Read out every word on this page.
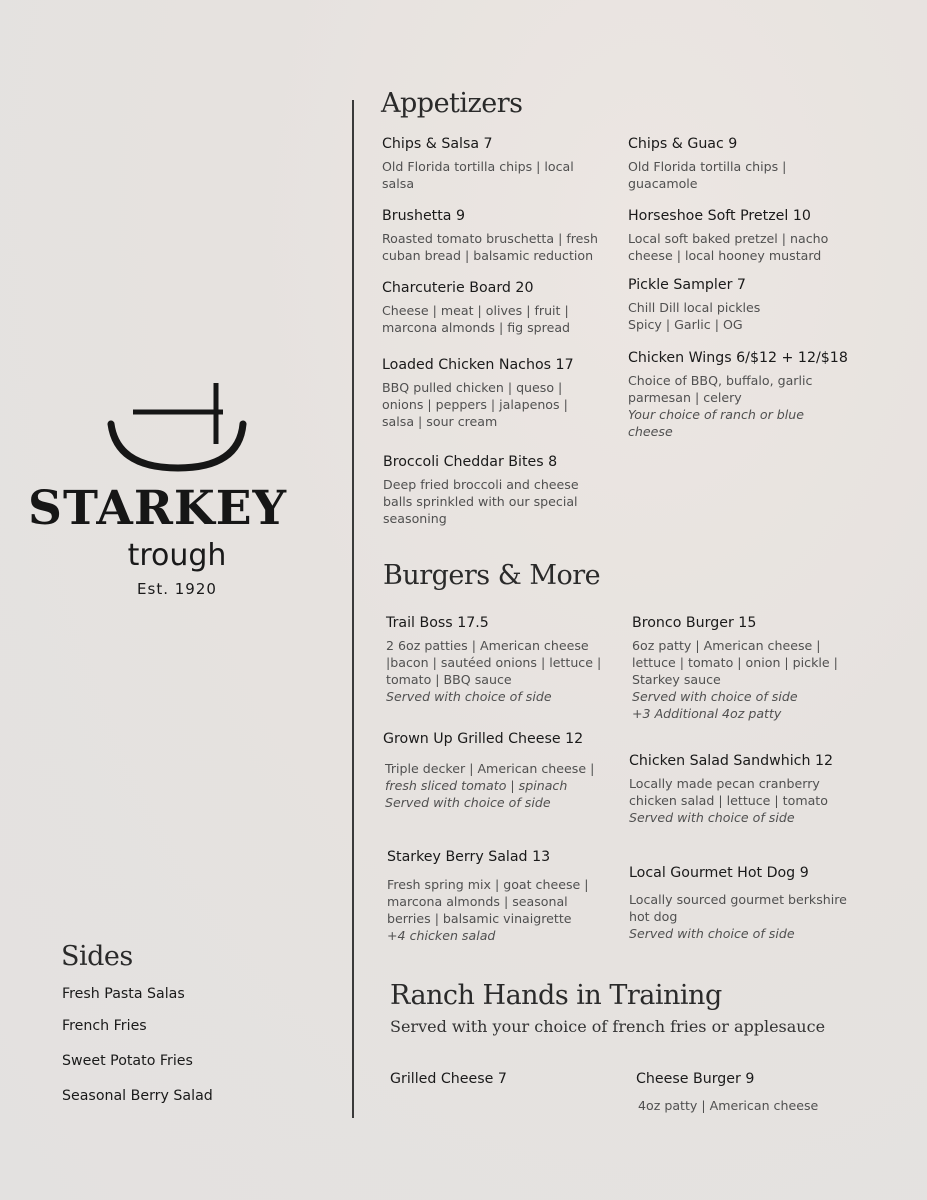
STARKEY
trough
Est. 1920
Sides
Fresh Pasta Salas
French Fries
Sweet Potato Fries
Seasonal Berry Salad
Appetizers
Chips & Salsa 7
Old Florida tortilla chips | local
salsa
Brushetta 9
Roasted tomato bruschetta | fresh
cuban bread | balsamic reduction
Charcuterie Board 20
Cheese | meat | olives | fruit |
marcona almonds | fig spread
Loaded Chicken Nachos 17
BBQ pulled chicken | queso |
onions | peppers | jalapenos |
salsa | sour cream
Broccoli Cheddar Bites 8
Deep fried broccoli and cheese
balls sprinkled with our special
seasoning
Chips & Guac 9
Old Florida tortilla chips |
guacamole
Horseshoe Soft Pretzel 10
Local soft baked pretzel | nacho
cheese | local hooney mustard
Pickle Sampler 7
Chill Dill local pickles
Spicy | Garlic | OG
Chicken Wings 6/$12 + 12/$18
Choice of BBQ, buffalo, garlic
parmesan | celery
Your choice of ranch or blue
cheese
Burgers & More
Trail Boss 17.5
2 6oz patties | American cheese
|bacon | sautéed onions | lettuce |
tomato | BBQ sauce
Served with choice of side
Grown Up Grilled Cheese 12
Triple decker | American cheese |
fresh sliced tomato | spinach
Served with choice of side
Starkey Berry Salad 13
Fresh spring mix | goat cheese |
marcona almonds | seasonal
berries | balsamic vinaigrette
+4 chicken salad
Bronco Burger 15
6oz patty | American cheese |
lettuce | tomato | onion | pickle |
Starkey sauce
Served with choice of side
+3 Additional 4oz patty
Chicken Salad Sandwhich 12
Locally made pecan cranberry
chicken salad | lettuce | tomato
Served with choice of side
Local Gourmet Hot Dog 9
Locally sourced gourmet berkshire
hot dog
Served with choice of side
Ranch Hands in Training
Served with your choice of french fries or applesauce
Grilled Cheese 7	Cheese Burger 9
4oz patty | American cheese
